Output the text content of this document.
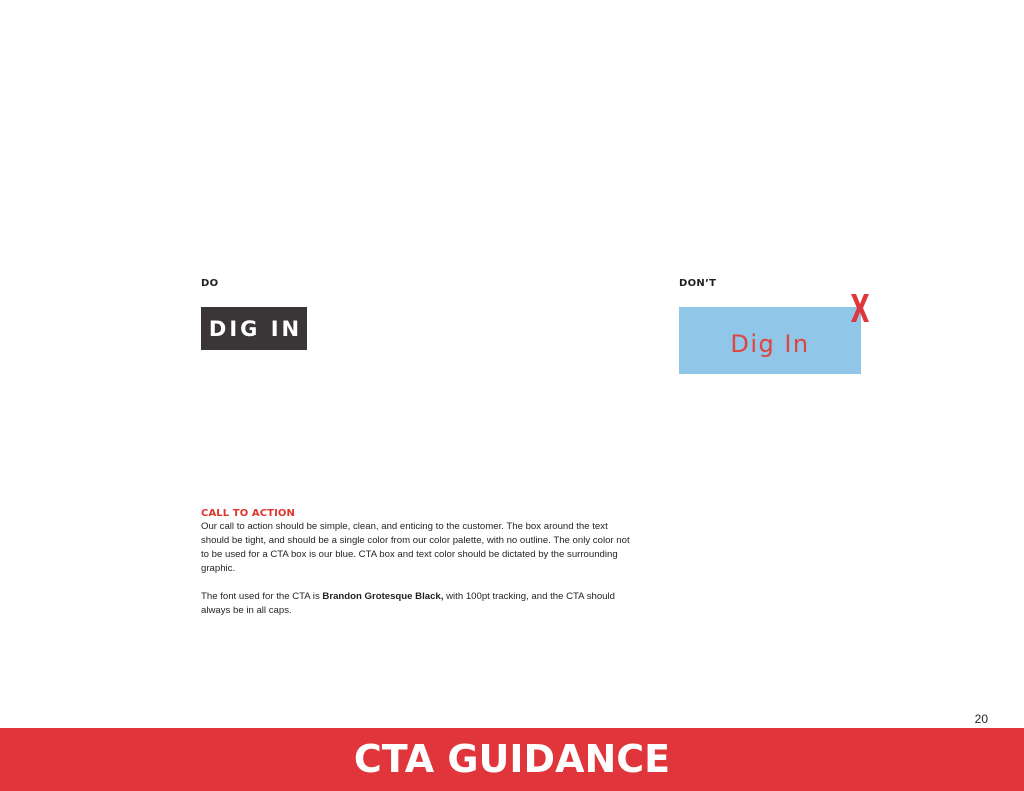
DO
DIG IN
DON’T
Dig In
CALL TO ACTION

Our call to action should be simple, clean, and enticing to the customer. The box around the text should be tight, and should be a single color from our color palette, with no outline. The only color not to be used for a CTA box is our blue. CTA box and text color should be dictated by the surrounding graphic.

The font used for the CTA is Brandon Grotesque Black, with 100pt tracking, and the CTA should always be in all caps.

20
CTA GUIDANCE
